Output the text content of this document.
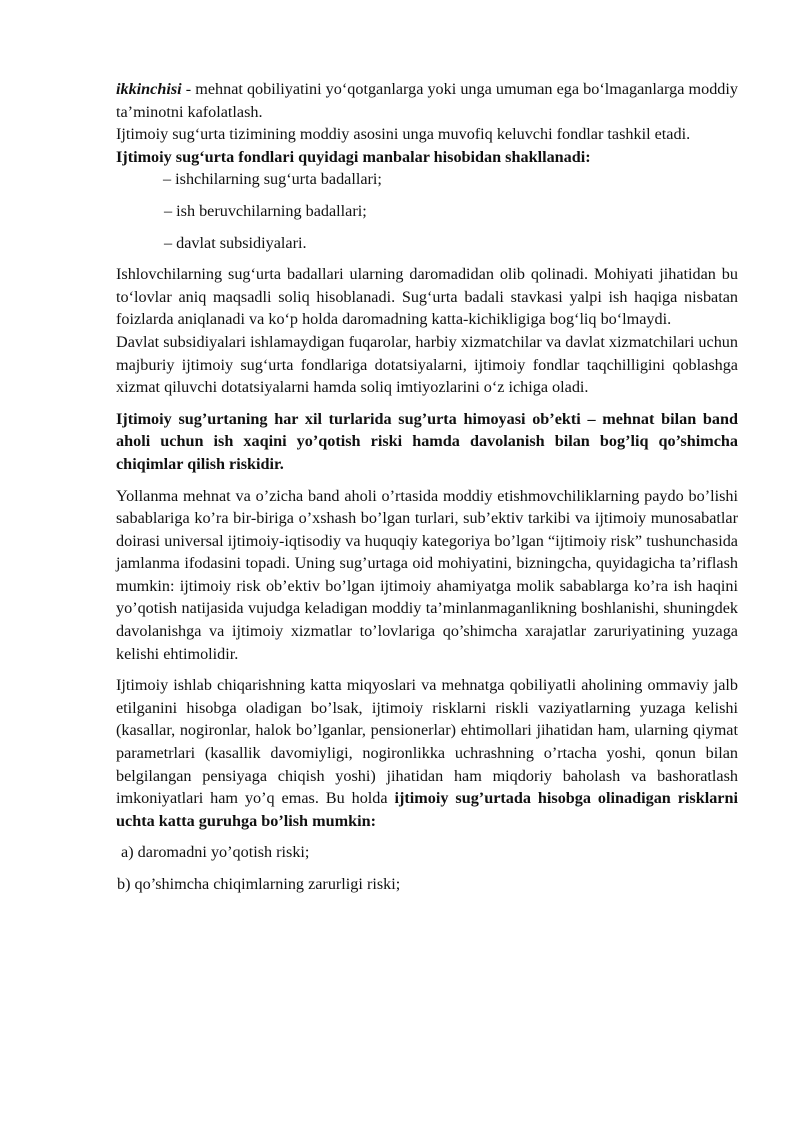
ikkinchisi - mehnat qobiliyatini yo‘qotganlarga yoki unga umuman ega bo‘lmaganlarga moddiy ta’minotni kafolatlash.

Ijtimoiy sug‘urta tizimining moddiy asosini unga muvofiq keluvchi fondlar tashkil etadi.

Ijtimoiy sug‘urta fondlari quyidagi manbalar hisobidan shakllanadi:

– ishchilarning sug‘urta badallari;

– ish beruvchilarning badallari;

– davlat subsidiyalari.

Ishlovchilarning sug‘urta badallari ularning daromadidan olib qolinadi. Mohiyati jihatidan bu to‘lovlar aniq maqsadli soliq hisoblanadi. Sug‘urta badali stavkasi yalpi ish haqiga nisbatan foizlarda aniqlanadi va ko‘p holda daromadning katta-kichikligiga bog‘liq bo‘lmaydi.

Davlat subsidiyalari ishlamaydigan fuqarolar, harbiy xizmatchilar va davlat xizmatchilari uchun majburiy ijtimoiy sug‘urta fondlariga dotatsiyalarni, ijtimoiy fondlar taqchilligini qoblashga xizmat qiluvchi dotatsiyalarni hamda soliq imtiyozlarini o‘z ichiga oladi.

Ijtimoiy sug’urtaning har xil turlarida sug’urta himoyasi ob’ekti – mehnat bilan band aholi uchun ish xaqini yo’qotish riski hamda davolanish bilan bog’liq qo’shimcha chiqimlar qilish riskidir.

Yollanma mehnat va o’zicha band aholi o’rtasida moddiy etishmovchiliklarning paydo bo’lishi sabablariga ko’ra bir-biriga o’xshash bo’lgan turlari, sub’ektiv tarkibi va ijtimoiy munosabatlar doirasi universal ijtimoiy-iqtisodiy va huquqiy kategoriya bo’lgan “ijtimoiy risk” tushunchasida jamlanma ifodasini topadi. Uning sug’urtaga oid mohiyatini, bizningcha, quyidagicha ta’riflash mumkin: ijtimoiy risk ob’ektiv bo’lgan ijtimoiy ahamiyatga molik sabablarga ko’ra ish haqini yo’qotish natijasida vujudga keladigan moddiy ta’minlanmaganlikning boshlanishi, shuningdek davolanishga va ijtimoiy xizmatlar to’lovlariga qo’shimcha xarajatlar zaruriyatining yuzaga kelishi ehtimolidir.

Ijtimoiy ishlab chiqarishning katta miqyoslari va mehnatga qobiliyatli aholining ommaviy jalb etilganini hisobga oladigan bo’lsak, ijtimoiy risklarni riskli vaziyatlarning yuzaga kelishi (kasallar, nogironlar, halok bo’lganlar, pensionerlar) ehtimollari jihatidan ham, ularning qiymat parametrlari (kasallik davomiyligi, nogironlikka uchrashning o’rtacha yoshi, qonun bilan belgilangan pensiyaga chiqish yoshi) jihatidan ham miqdoriy baholash va bashoratlash imkoniyatlari ham yo’q emas. Bu holda ijtimoiy sug’urtada hisobga olinadigan risklarni uchta katta guruhga bo’lish mumkin:

a) daromadni yo’qotish riski;

b) qo’shimcha chiqimlarning zarurligi riski;
